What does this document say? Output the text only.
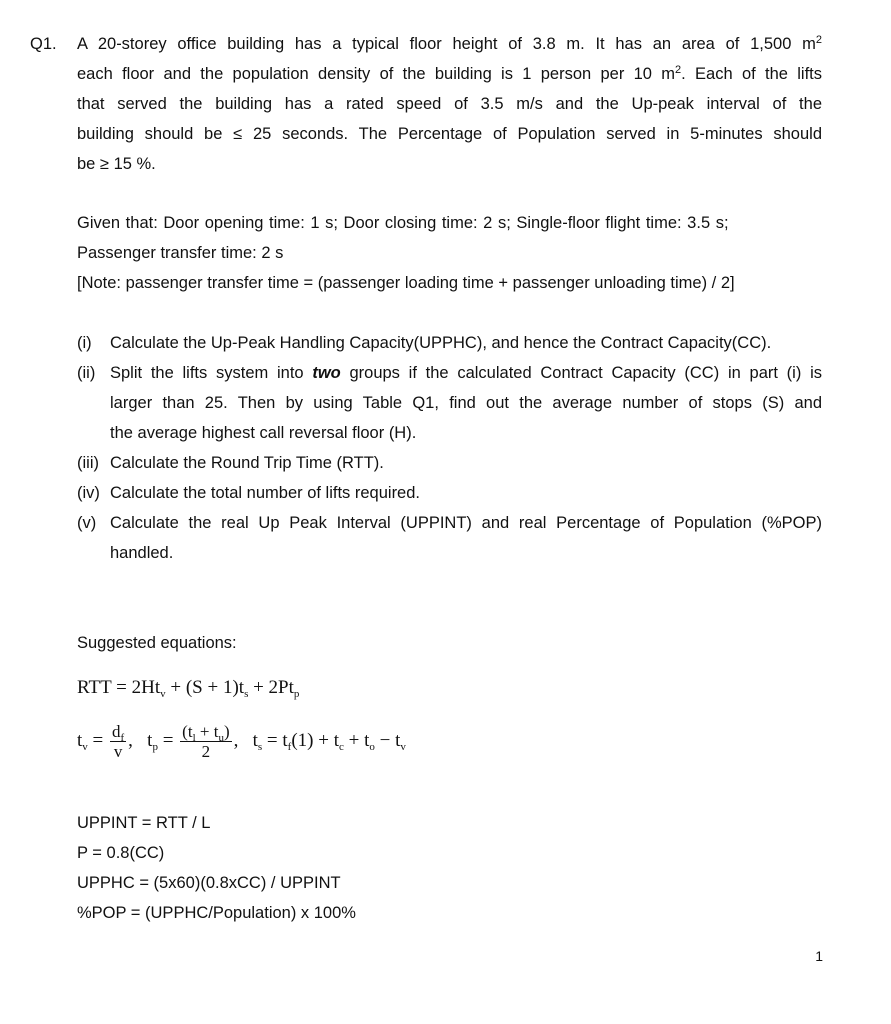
Q1. A 20-storey office building has a typical floor height of 3.8 m. It has an area of 1,500 $m^2$
each floor and the population density of the building is 1 person per 10 $m^2$. Each of the lifts
that served the building has a rated speed of 3.5 m/s and the Up-peak interval of the
building should be ≤ 25 seconds. The Percentage of Population served in 5-minutes should
be ≥ 15 %.
Given that: Door opening time: 1 s; Door closing time: 2 s; Single-floor flight time: 3.5 s;
Passenger transfer time: 2 s
[Note: passenger transfer time = (passenger loading time + passenger unloading time) / 2]
(i) Calculate the Up-Peak Handling Capacity(UPPHC), and hence the Contract Capacity(CC).
(ii) Split the lifts system into two groups if the calculated Contract Capacity (CC) in part (i) is
larger than 25. Then by using Table Q1, find out the average number of stops (S) and
the average highest call reversal floor (H).
(iii) Calculate the Round Trip Time (RTT).
(iv) Calculate the total number of lifts required.
(v) Calculate the real Up Peak Interval (UPPINT) and real Percentage of Population (%POP)
handled.
Suggested equations:
RTT = $2Ht_v + (S + 1)t_s + 2Pt_p$
$t_v = \frac{d_f}{v}$ ,   $t_p = \frac{(t_l + t_u)}{2}$ ,   $t_s = t_f(1) + t_c + t_o - t_v$
UPPINT = RTT / L
P = 0.8(CC)
UPPHC = (5x60)(0.8xCC) / UPPINT
%POP = (UPPHC/Population) x 100%
1
